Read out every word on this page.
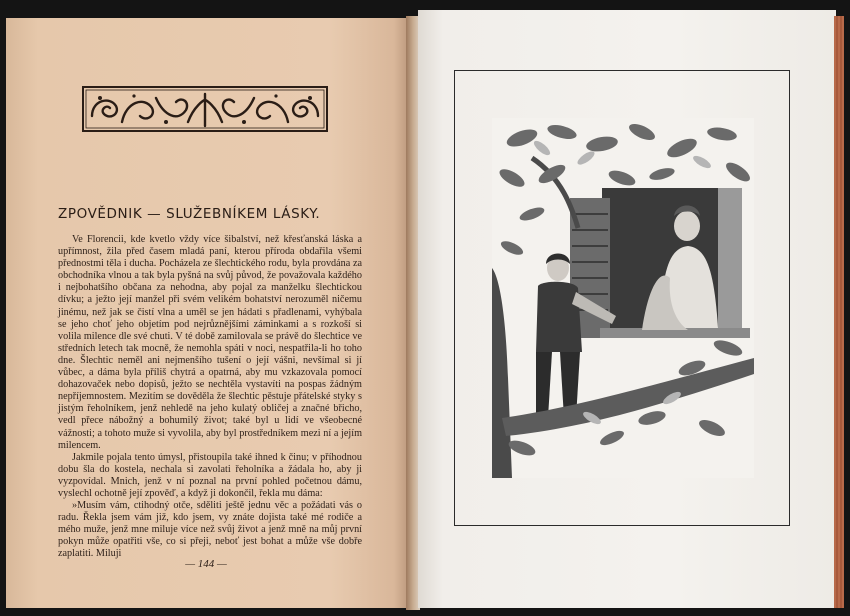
ZPOVĚDNIK — SLUŽEBNÍKEM LÁSKY.

Ve Florencii, kde kvetlo vždy více šibalství, než křesťanská láska a upřímnost, žila před časem mladá paní, kterou příroda obdařila všemi přednostmi těla i ducha. Pocházela ze šlechtického rodu, byla provdána za obchodníka vlnou a tak byla pyšná na svůj původ, že považovala každého i nejbohatšího občana za nehodna, aby pojal za manželku šlechtickou dívku; a ježto její manžel při svém velikém bohatství nerozuměl ničemu jinému, než jak se čistí vlna a uměl se jen hádati s přadlenami, vyhýbala se jeho choť jeho objetím pod nejrůznějšími záminkami a s rozkoší si volila milence dle své chuti. V té době zamilovala se právě do šlechtice ve středních letech tak mocně, že nemohla spáti v noci, nespatřila-li ho toho dne. Šlechtic neměl ani nejmenšího tušení o její vášni, nevšímal si jí vůbec, a dáma byla příliš chytrá a opatrná, aby mu vzkazovala pomocí dohazovaček nebo dopisů, ježto se nechtěla vystavíti na pospas žádným nepříjemnostem. Mezitím se dověděla že šlechtic pěstuje přátelské styky s jistým řeholníkem, jenž nehledě na jeho kulatý obličej a značné břicho, vedl přece nábožný a bohumilý život; také byl u lidí ve všeobecné vážnosti; a tohoto muže si vyvolila, aby byl prostředníkem mezi ní a jejím milencem.

Jakmile pojala tento úmysl, přistoupila také ihned k činu; v příhodnou dobu šla do kostela, nechala si zavolati řeholníka a žádala ho, aby ji vyzpovídal. Mnich, jenž v ní poznal na první pohled početnou dámu, vyslechl ochotně její zpověď, a když ji dokončil, řekla mu dáma:

»Musím vám, ctihodný otče, sděliti ještě jednu věc a požádati vás o radu. Řekla jsem vám již, kdo jsem, vy znáte dojista také mé rodiče a mého muže, jenž mne miluje více než svůj život a jenž mně na můj první pokyn může opatřiti vše, co si přeji, neboť jest bohat a může vše dobře zaplatiti. Miluji

— 144 —
